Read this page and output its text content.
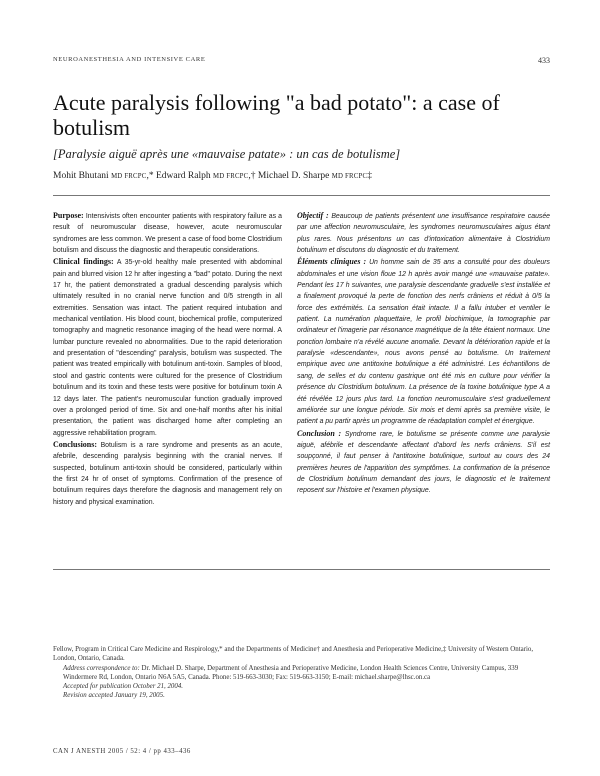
NEUROANESTHESIA AND INTENSIVE CARE	433
Acute paralysis following "a bad potato": a case of botulism
[Paralysie aiguë après une «mauvaise patate» : un cas de botulisme]
Mohit Bhutani MD FRCPC,* Edward Ralph MD FRCPC,† Michael D. Sharpe MD FRCPC‡

Purpose: Intensivists often encounter patients with respiratory failure as a result of neuromuscular disease, however, acute neuromuscular syndromes are less common. We present a case of food borne Clostridium botulism and discuss the diagnostic and therapeutic considerations.

Clinical findings: A 35-yr-old healthy male presented with abdominal pain and blurred vision 12 hr after ingesting a "bad" potato. During the next 17 hr, the patient demonstrated a gradual descending paralysis which ultimately resulted in no cranial nerve function and 0/5 strength in all extremities. Sensation was intact. The patient required intubation and mechanical ventilation. His blood count, biochemical profile, computerized tomography and magnetic resonance imaging of the head were normal. A lumbar puncture revealed no abnormalities. Due to the rapid deterioration and presentation of "descending" paralysis, botulism was suspected. The patient was treated empirically with botulinum anti-toxin. Samples of blood, stool and gastric contents were cultured for the presence of Clostridium botulinum and its toxin and these tests were positive for botulinum toxin A 12 days later. The patient's neuromuscular function gradually improved over a prolonged period of time. Six and one-half months after his initial presentation, the patient was discharged home after completing an aggressive rehabilitation program.

Conclusions: Botulism is a rare syndrome and presents as an acute, afebrile, descending paralysis beginning with the cranial nerves. If suspected, botulinum anti-toxin should be considered, particularly within the first 24 hr of onset of symptoms. Confirmation of the presence of botulinum requires days therefore the diagnosis and management rely on history and physical examination.

Objectif : Beaucoup de patients présentent une insuffisance respiratoire causée par une affection neuromusculaire, les syndromes neuromusculaires aigus étant plus rares. Nous présentons un cas d'intoxication alimentaire à Clostridium botulinum et discutons du diagnostic et du traitement.

Éléments cliniques : Un homme sain de 35 ans a consulté pour des douleurs abdominales et une vision floue 12 h après avoir mangé une «mauvaise patate». Pendant les 17 h suivantes, une paralysie descendante graduelle s'est installée et a finalement provoqué la perte de fonction des nerfs crâniens et réduit à 0/5 la force des extrémités. La sensation était intacte. Il a fallu intuber et ventiler le patient. La numération plaquettaire, le profil biochimique, la tomographie par ordinateur et l'imagerie par résonance magnétique de la tête étaient normaux. Une ponction lombaire n'a révélé aucune anomalie. Devant la détérioration rapide et la paralysie «descendante», nous avons pensé au botulisme. Un traitement empirique avec une antitoxine botulinique a été administré. Les échantillons de sang, de selles et du contenu gastrique ont été mis en culture pour vérifier la présence du Clostridium botulinum. La présence de la toxine botulinique type A a été révélée 12 jours plus tard. La fonction neuromusculaire s'est graduellement améliorée sur une longue période. Six mois et demi après sa première visite, le patient a pu partir après un programme de réadaptation complet et énergique.

Conclusion : Syndrome rare, le botulisme se présente comme une paralysie aiguë, afébrile et descendante affectant d'abord les nerfs crâniens. S'il est soupçonné, il faut penser à l'antitoxine botulinique, surtout au cours des 24 premières heures de l'apparition des symptômes. La confirmation de la présence de Clostridium botulinum demandant des jours, le diagnostic et le traitement reposent sur l'histoire et l'examen physique.

Fellow, Program in Critical Care Medicine and Respirology,* and the Departments of Medicine† and Anesthesia and Perioperative Medicine,‡ University of Western Ontario, London, Ontario, Canada.
Address correspondence to: Dr. Michael D. Sharpe, Department of Anesthesia and Perioperative Medicine, London Health Sciences Centre, University Campus, 339 Windermere Rd, London, Ontario N6A 5A5, Canada. Phone: 519-663-3030; Fax: 519-663-3150; E-mail: michael.sharpe@lhsc.on.ca
Accepted for publication October 21, 2004.
Revision accepted January 19, 2005.
CAN J ANESTH 2005 / 52: 4 / pp 433–436
